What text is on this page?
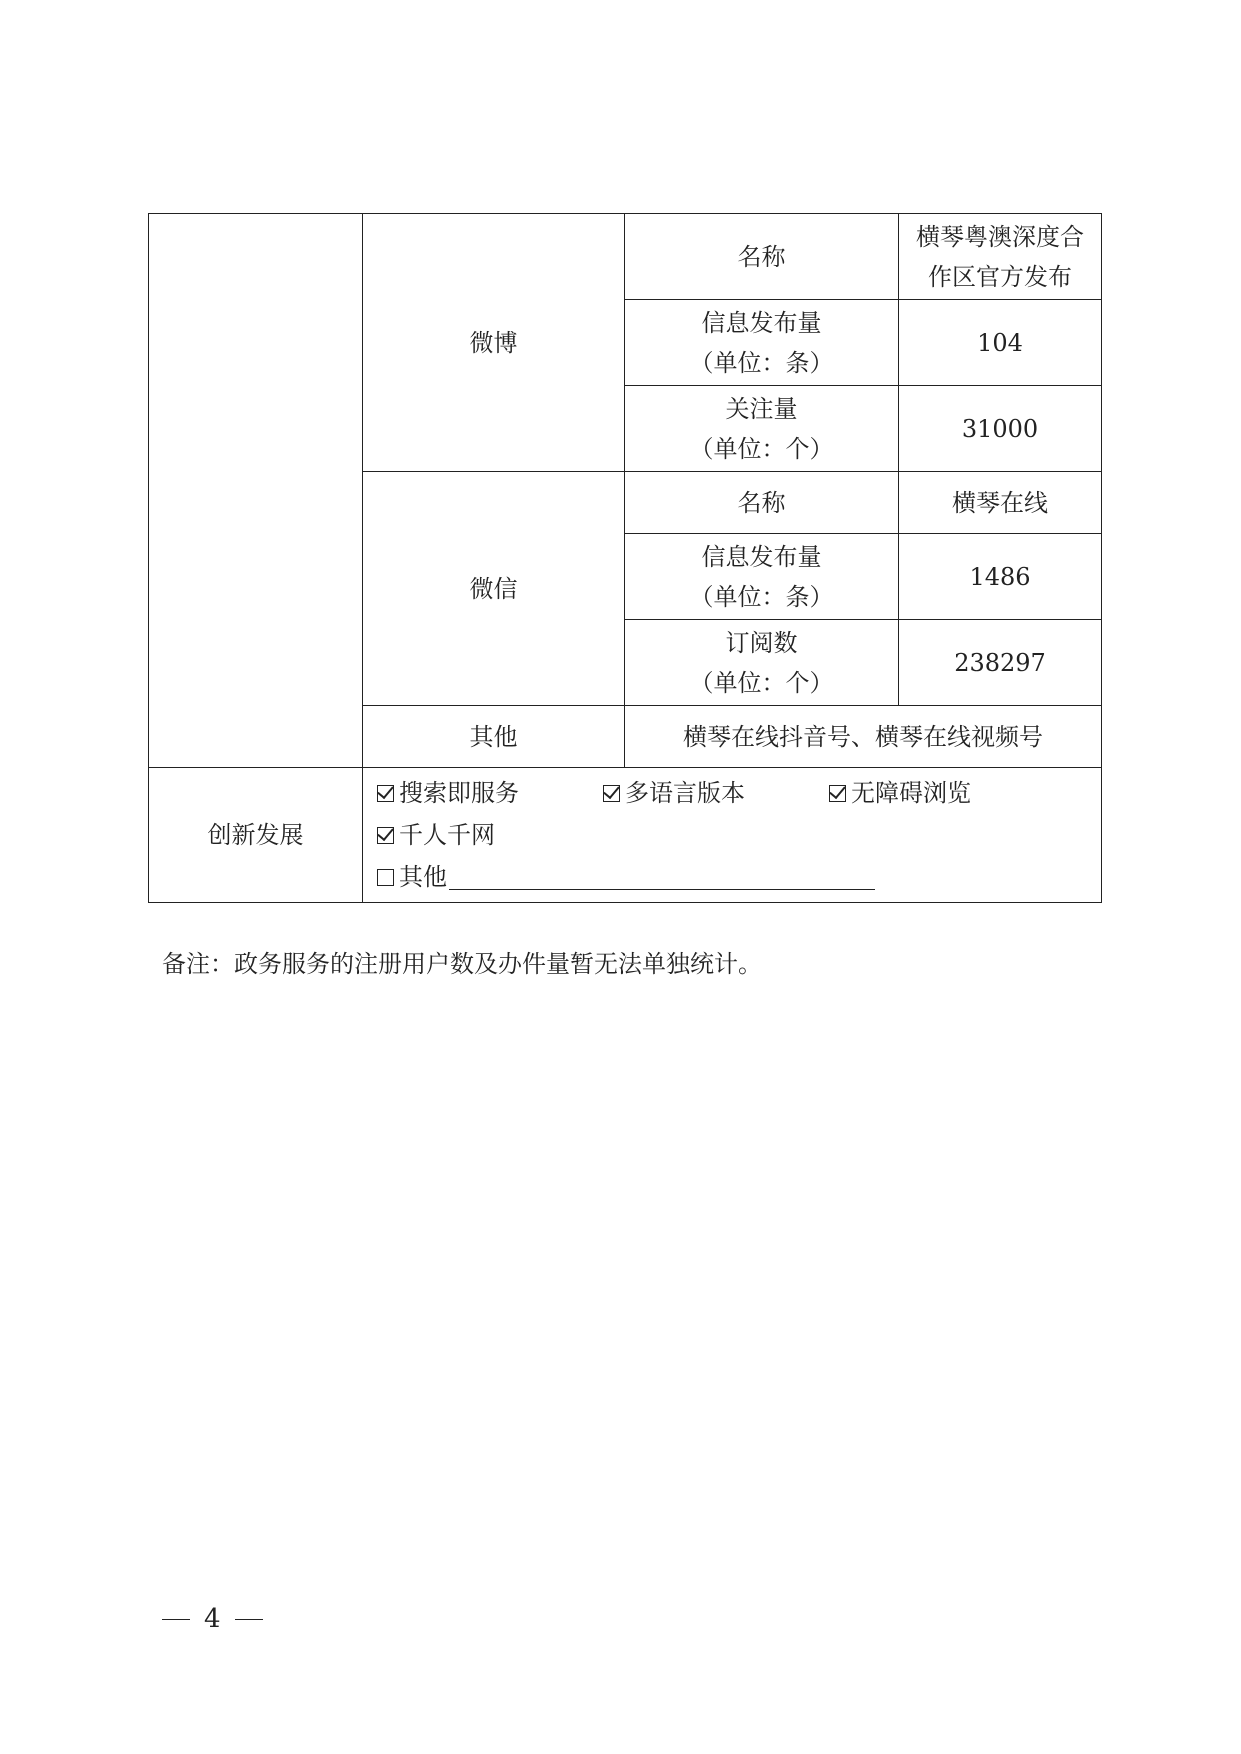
	微博	名称	横琴粤澳深度合
作区官方发布

		信息发布量
（单位：条）	104

		关注量
（单位：个）	31000
	微信	名称	横琴在线

		信息发布量
（单位：条）	1486

		订阅数
（单位：个）	238297
	其他	横琴在线抖音号、横琴在线视频号	
创新发展	搜索即服务 多语言版本 无障碍浏览
千人千网
其他		
备注：政务服务的注册用户数及办件量暂无法单独统计。
4
